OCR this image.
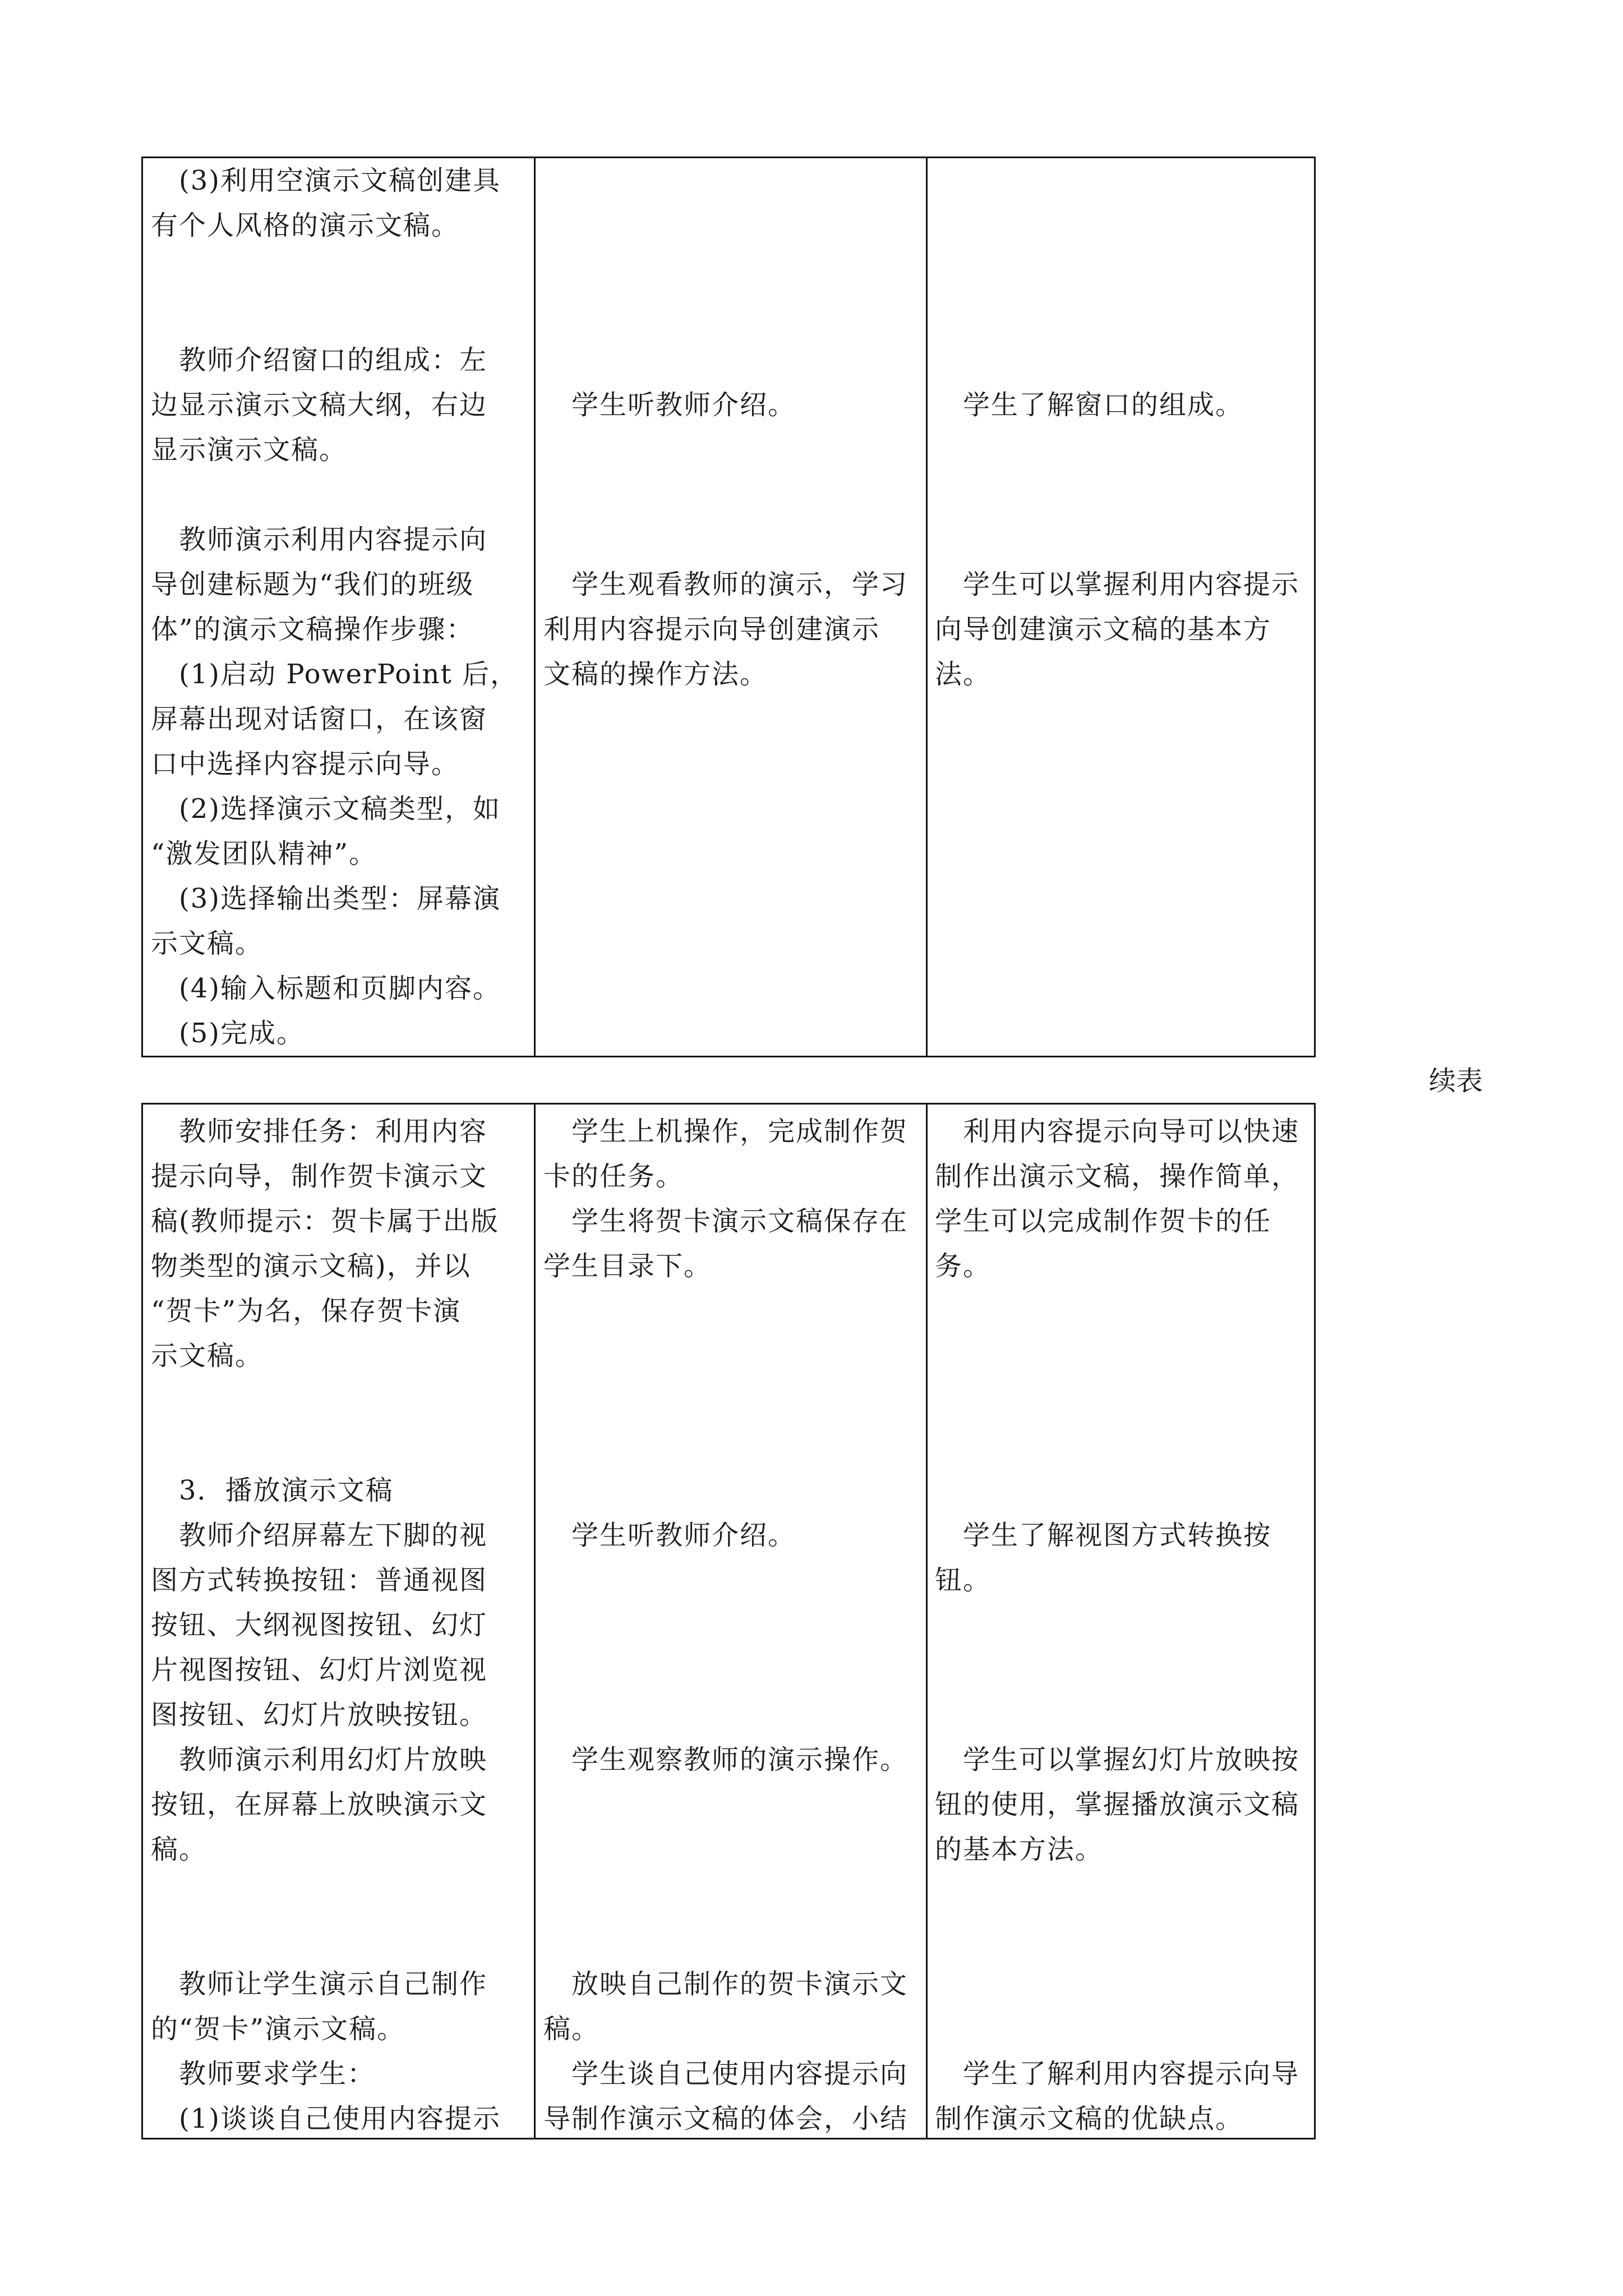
　(3)利用空演示文稿创建具
有个人风格的演示文稿。
　教师介绍窗口的组成：左
边显示演示文稿大纲，右边
显示演示文稿。
　教师演示利用内容提示向
导创建标题为“我们的班级
体”的演示文稿操作步骤：
　(1)启动 PowerPoint 后，
屏幕出现对话窗口，在该窗
口中选择内容提示向导。
　(2)选择演示文稿类型，如
“激发团队精神”。
　(3)选择输出类型：屏幕演
示文稿。
　(4)输入标题和页脚内容。
　(5)完成。
　学生听教师介绍。
　学生观看教师的演示，学习
利用内容提示向导创建演示
文稿的操作方法。
　学生了解窗口的组成。
　学生可以掌握利用内容提示
向导创建演示文稿的基本方
法。
续表
　教师安排任务：利用内容
提示向导，制作贺卡演示文
稿(教师提示：贺卡属于出版
物类型的演示文稿)，并以
“贺卡”为名，保存贺卡演
示文稿。
　3．播放演示文稿
　教师介绍屏幕左下脚的视
图方式转换按钮：普通视图
按钮、大纲视图按钮、幻灯
片视图按钮、幻灯片浏览视
图按钮、幻灯片放映按钮。
　教师演示利用幻灯片放映
按钮，在屏幕上放映演示文
稿。
　教师让学生演示自己制作
的“贺卡”演示文稿。
　教师要求学生：
　(1)谈谈自己使用内容提示
　学生上机操作，完成制作贺
卡的任务。
　学生将贺卡演示文稿保存在
学生目录下。
　学生听教师介绍。
　学生观察教师的演示操作。
　放映自己制作的贺卡演示文
稿。
　学生谈自己使用内容提示向
导制作演示文稿的体会，小结
　利用内容提示向导可以快速
制作出演示文稿，操作简单，
学生可以完成制作贺卡的任
务。
　学生了解视图方式转换按
钮。
　学生可以掌握幻灯片放映按
钮的使用，掌握播放演示文稿
的基本方法。
　学生了解利用内容提示向导
制作演示文稿的优缺点。
